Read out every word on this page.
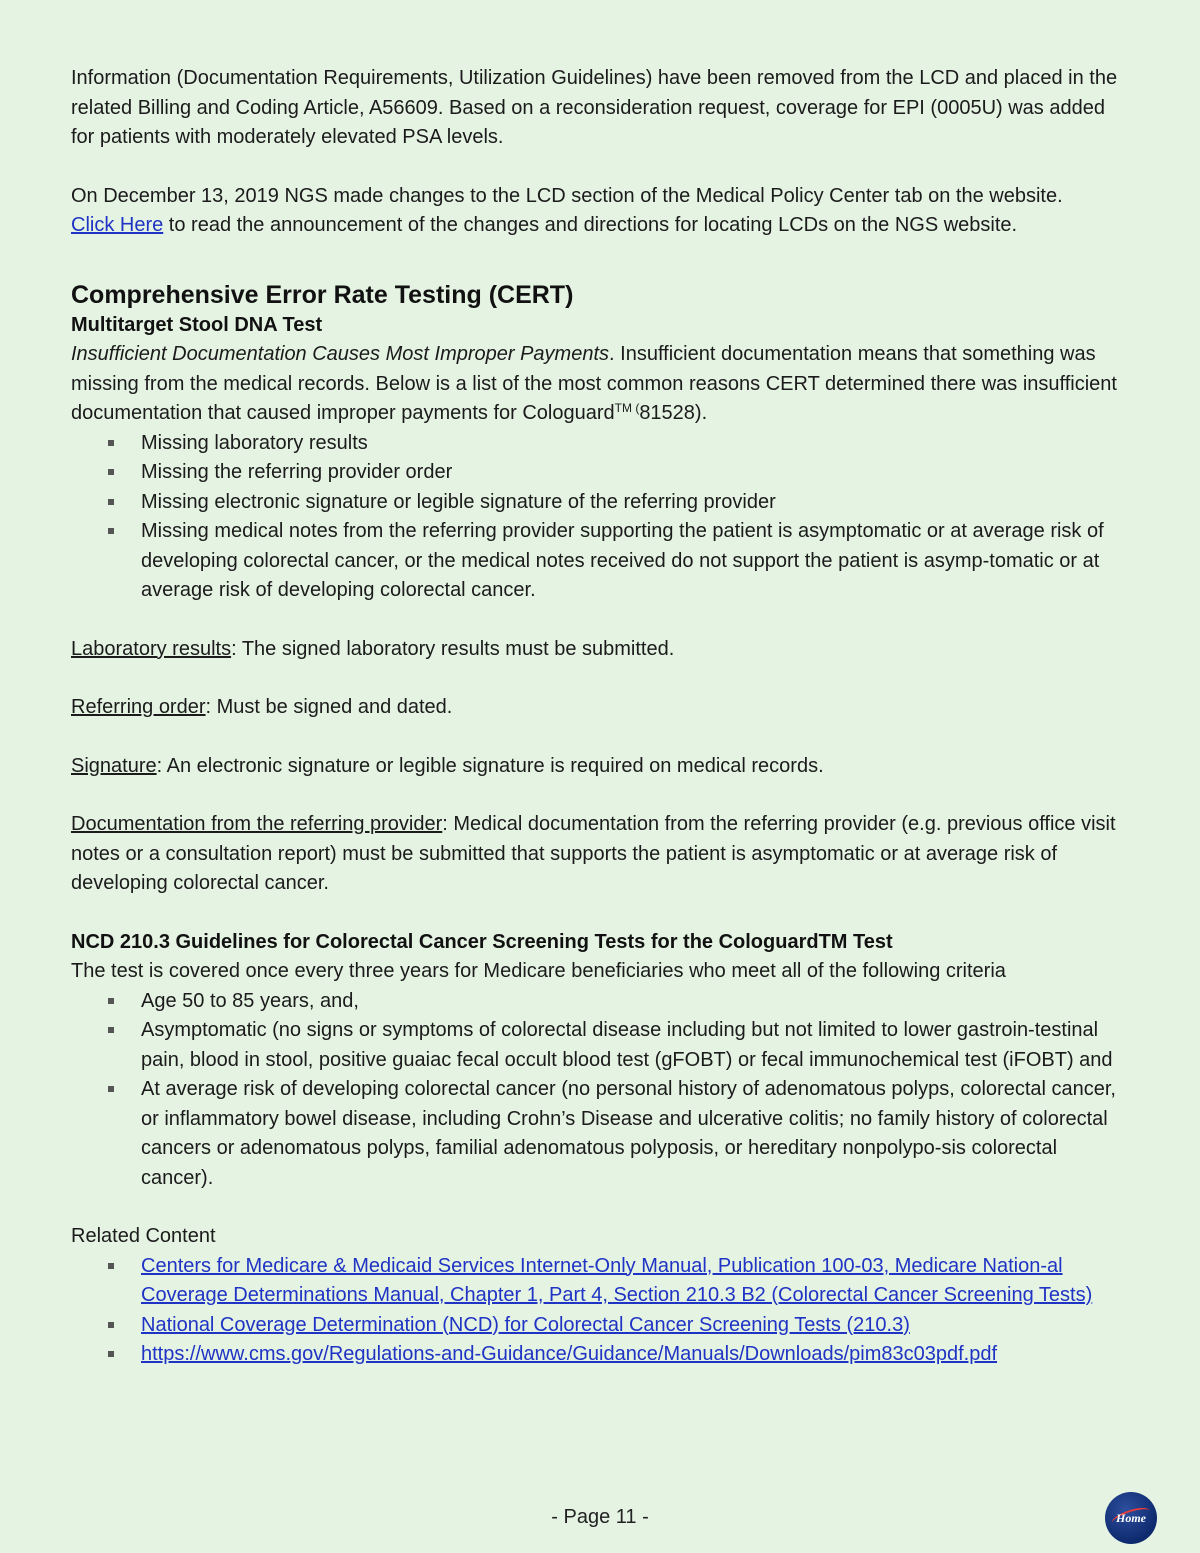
Information (Documentation Requirements, Utilization Guidelines) have been removed from the LCD and placed in the related Billing and Coding Article, A56609. Based on a reconsideration request, coverage for EPI (0005U) was added for patients with moderately elevated PSA levels.

On December 13, 2019 NGS made changes to the LCD section of the Medical Policy Center tab on the website.
Click Here to read the announcement of the changes and directions for locating LCDs on the NGS website.

Comprehensive Error Rate Testing (CERT)
Multitarget Stool DNA Test

Insufficient Documentation Causes Most Improper Payments. Insufficient documentation means that something was missing from the medical records. Below is a list of the most common reasons CERT determined there was insufficient documentation that caused improper payments for Cologuard$^{TM (}$81528).

Missing laboratory results
Missing the referring provider order
Missing electronic signature or legible signature of the referring provider
Missing medical notes from the referring provider supporting the patient is asymptomatic or at average risk of developing colorectal cancer, or the medical notes received do not support the patient is asymp-tomatic or at average risk of developing colorectal cancer.

Laboratory results: The signed laboratory results must be submitted.

Referring order: Must be signed and dated.

Signature: An electronic signature or legible signature is required on medical records.

Documentation from the referring provider: Medical documentation from the referring provider (e.g. previous office visit notes or a consultation report) must be submitted that supports the patient is asymptomatic or at average risk of developing colorectal cancer.

NCD 210.3 Guidelines for Colorectal Cancer Screening Tests for the CologuardTM Test

The test is covered once every three years for Medicare beneficiaries who meet all of the following criteria

Age 50 to 85 years, and,
Asymptomatic (no signs or symptoms of colorectal disease including but not limited to lower gastroin-testinal pain, blood in stool, positive guaiac fecal occult blood test (gFOBT) or fecal immunochemical test (iFOBT) and
At average risk of developing colorectal cancer (no personal history of adenomatous polyps, colorectal cancer, or inflammatory bowel disease, including Crohn’s Disease and ulcerative colitis; no family history of colorectal cancers or adenomatous polyps, familial adenomatous polyposis, or hereditary nonpolypo-sis colorectal cancer).

Related Content

Centers for Medicare & Medicaid Services Internet-Only Manual, Publication 100-03, Medicare Nation-al Coverage Determinations Manual, Chapter 1, Part 4, Section 210.3 B2 (Colorectal Cancer Screening Tests)
National Coverage Determination (NCD) for Colorectal Cancer Screening Tests (210.3)
https://www.cms.gov/Regulations-and-Guidance/Guidance/Manuals/Downloads/pim83c03pdf.pdf
- Page 11 -	Home
